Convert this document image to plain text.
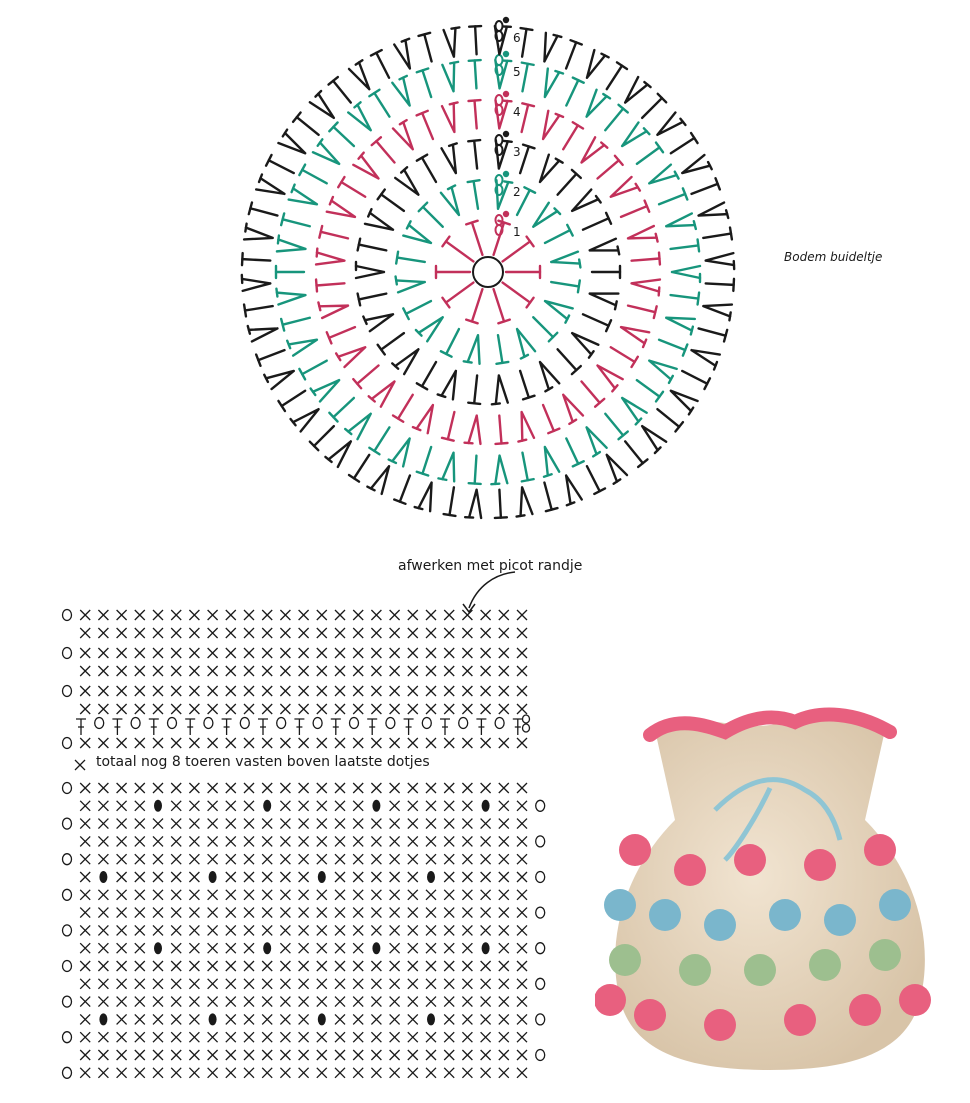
1
2
3
4
5
6
Bodem buideltje
afwerken met picot randje
totaal nog 8 toeren vasten boven laatste dotjes
